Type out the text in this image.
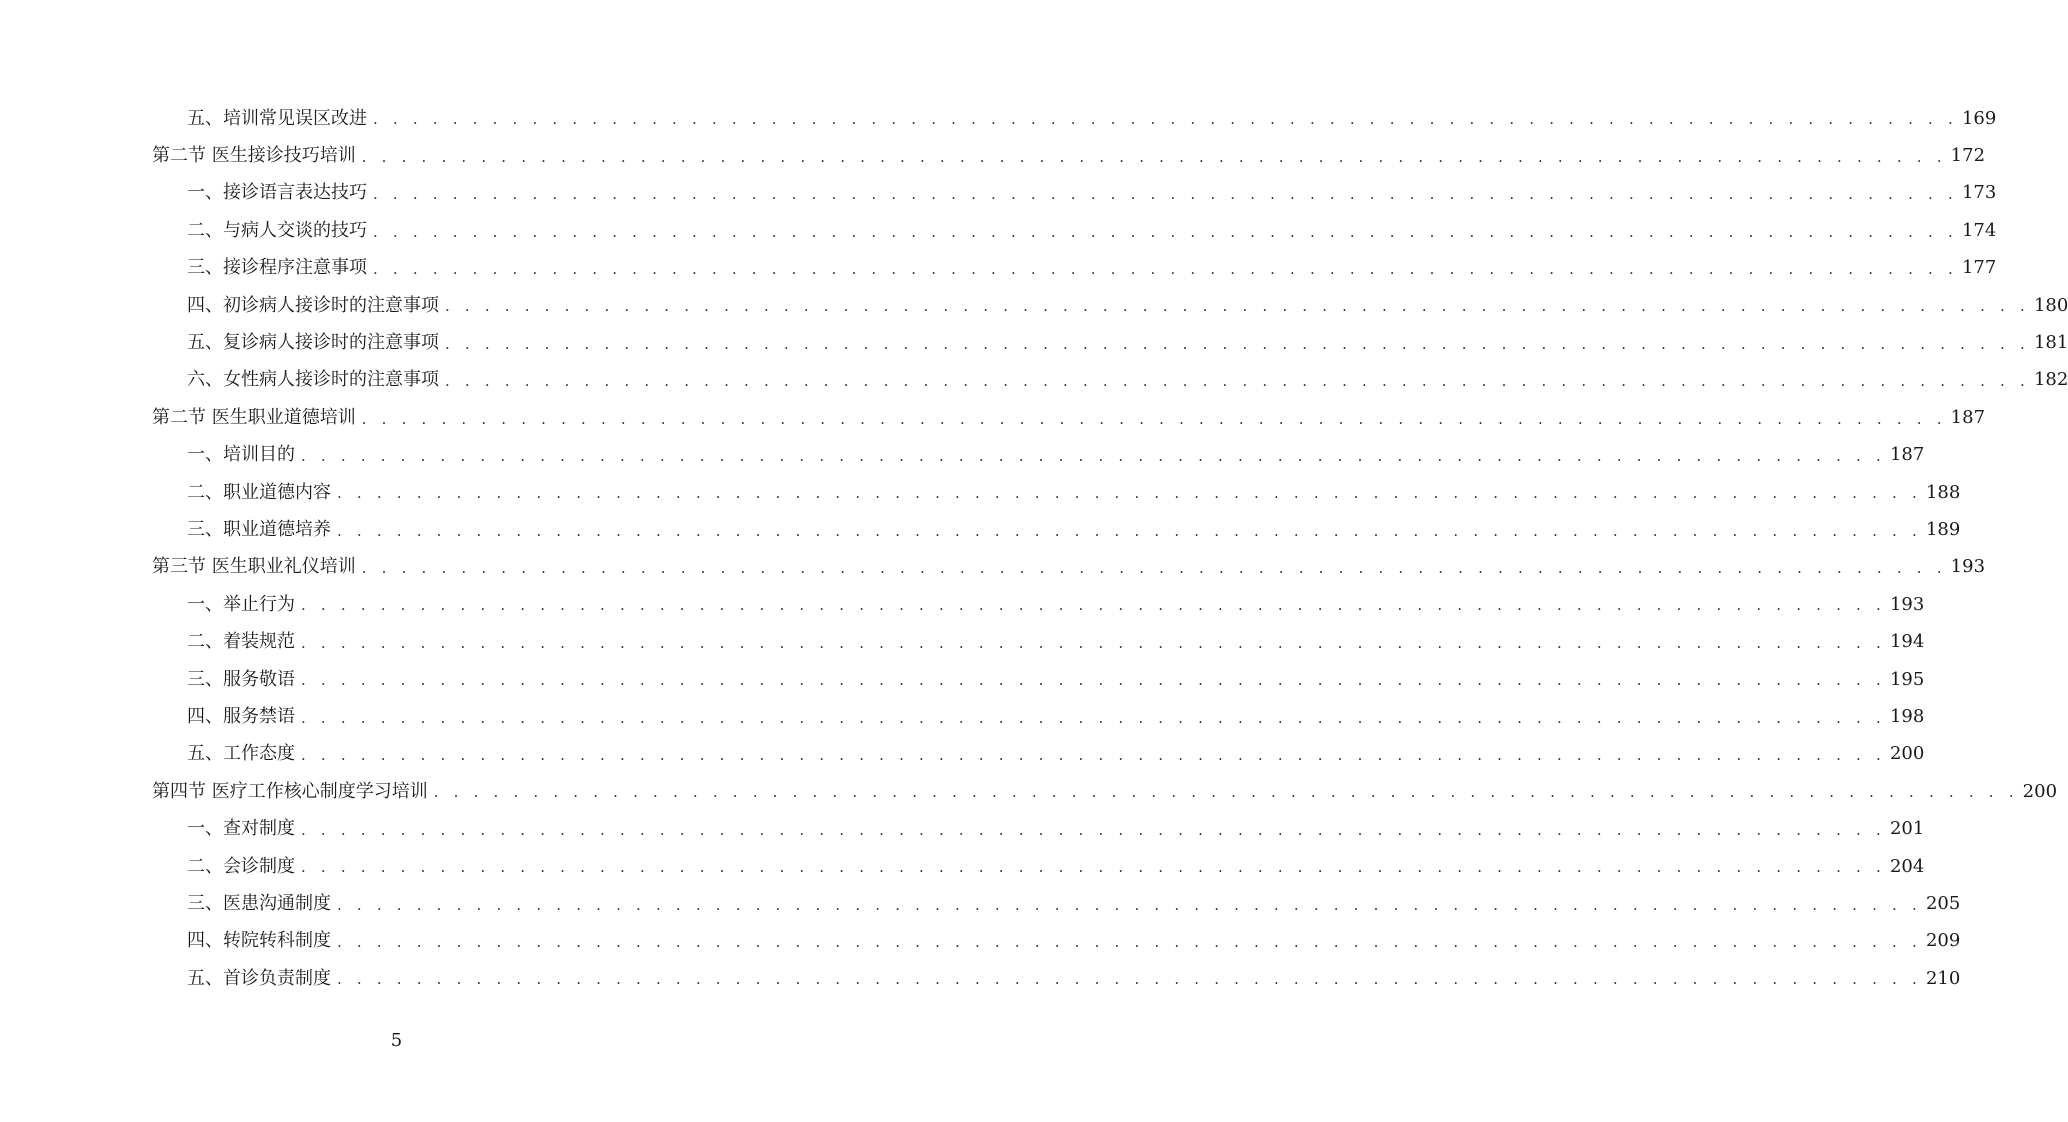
五、培训常见误区改进 . . . . . . . . . . . . . . . . . . . . . . . . . . . . . . . . . . . . . . . . . . . . . . . . . . . . . . . . . . . . . . . . . . . . . . . . . . . . . . . . 169
第二节 医生接诊技巧培训 . . . . . . . . . . . . . . . . . . . . . . . . . . . . . . . . . . . . . . . . . . . . . . . . . . . . . . . . . . . . . . . . . . . . . . . . . . . . . . . . 172
一、接诊语言表达技巧 . . . . . . . . . . . . . . . . . . . . . . . . . . . . . . . . . . . . . . . . . . . . . . . . . . . . . . . . . . . . . . . . . . . . . . . . . . . . . . . . 173
二、与病人交谈的技巧 . . . . . . . . . . . . . . . . . . . . . . . . . . . . . . . . . . . . . . . . . . . . . . . . . . . . . . . . . . . . . . . . . . . . . . . . . . . . . . . . 174
三、接诊程序注意事项 . . . . . . . . . . . . . . . . . . . . . . . . . . . . . . . . . . . . . . . . . . . . . . . . . . . . . . . . . . . . . . . . . . . . . . . . . . . . . . . . 177
四、初诊病人接诊时的注意事项 . . . . . . . . . . . . . . . . . . . . . . . . . . . . . . . . . . . . . . . . . . . . . . . . . . . . . . . . . . . . . . . . . . . . . . . . . . . . . . . . 180
五、复诊病人接诊时的注意事项 . . . . . . . . . . . . . . . . . . . . . . . . . . . . . . . . . . . . . . . . . . . . . . . . . . . . . . . . . . . . . . . . . . . . . . . . . . . . . . . . 181
六、女性病人接诊时的注意事项 . . . . . . . . . . . . . . . . . . . . . . . . . . . . . . . . . . . . . . . . . . . . . . . . . . . . . . . . . . . . . . . . . . . . . . . . . . . . . . . . 182
第二节 医生职业道德培训 . . . . . . . . . . . . . . . . . . . . . . . . . . . . . . . . . . . . . . . . . . . . . . . . . . . . . . . . . . . . . . . . . . . . . . . . . . . . . . . . 187
一、培训目的 . . . . . . . . . . . . . . . . . . . . . . . . . . . . . . . . . . . . . . . . . . . . . . . . . . . . . . . . . . . . . . . . . . . . . . . . . . . . . . . . 187
二、职业道德内容 . . . . . . . . . . . . . . . . . . . . . . . . . . . . . . . . . . . . . . . . . . . . . . . . . . . . . . . . . . . . . . . . . . . . . . . . . . . . . . . . 188
三、职业道德培养 . . . . . . . . . . . . . . . . . . . . . . . . . . . . . . . . . . . . . . . . . . . . . . . . . . . . . . . . . . . . . . . . . . . . . . . . . . . . . . . . 189
第三节 医生职业礼仪培训 . . . . . . . . . . . . . . . . . . . . . . . . . . . . . . . . . . . . . . . . . . . . . . . . . . . . . . . . . . . . . . . . . . . . . . . . . . . . . . . . 193
一、举止行为 . . . . . . . . . . . . . . . . . . . . . . . . . . . . . . . . . . . . . . . . . . . . . . . . . . . . . . . . . . . . . . . . . . . . . . . . . . . . . . . . 193
二、着装规范 . . . . . . . . . . . . . . . . . . . . . . . . . . . . . . . . . . . . . . . . . . . . . . . . . . . . . . . . . . . . . . . . . . . . . . . . . . . . . . . . 194
三、服务敬语 . . . . . . . . . . . . . . . . . . . . . . . . . . . . . . . . . . . . . . . . . . . . . . . . . . . . . . . . . . . . . . . . . . . . . . . . . . . . . . . . 195
四、服务禁语 . . . . . . . . . . . . . . . . . . . . . . . . . . . . . . . . . . . . . . . . . . . . . . . . . . . . . . . . . . . . . . . . . . . . . . . . . . . . . . . . 198
五、工作态度 . . . . . . . . . . . . . . . . . . . . . . . . . . . . . . . . . . . . . . . . . . . . . . . . . . . . . . . . . . . . . . . . . . . . . . . . . . . . . . . . 200
第四节 医疗工作核心制度学习培训 . . . . . . . . . . . . . . . . . . . . . . . . . . . . . . . . . . . . . . . . . . . . . . . . . . . . . . . . . . . . . . . . . . . . . . . . . . . . . . . . 200
一、查对制度 . . . . . . . . . . . . . . . . . . . . . . . . . . . . . . . . . . . . . . . . . . . . . . . . . . . . . . . . . . . . . . . . . . . . . . . . . . . . . . . . 201
二、会诊制度 . . . . . . . . . . . . . . . . . . . . . . . . . . . . . . . . . . . . . . . . . . . . . . . . . . . . . . . . . . . . . . . . . . . . . . . . . . . . . . . . 204
三、医患沟通制度 . . . . . . . . . . . . . . . . . . . . . . . . . . . . . . . . . . . . . . . . . . . . . . . . . . . . . . . . . . . . . . . . . . . . . . . . . . . . . . . . 205
四、转院转科制度 . . . . . . . . . . . . . . . . . . . . . . . . . . . . . . . . . . . . . . . . . . . . . . . . . . . . . . . . . . . . . . . . . . . . . . . . . . . . . . . . 209
五、首诊负责制度 . . . . . . . . . . . . . . . . . . . . . . . . . . . . . . . . . . . . . . . . . . . . . . . . . . . . . . . . . . . . . . . . . . . . . . . . . . . . . . . . 210
5
